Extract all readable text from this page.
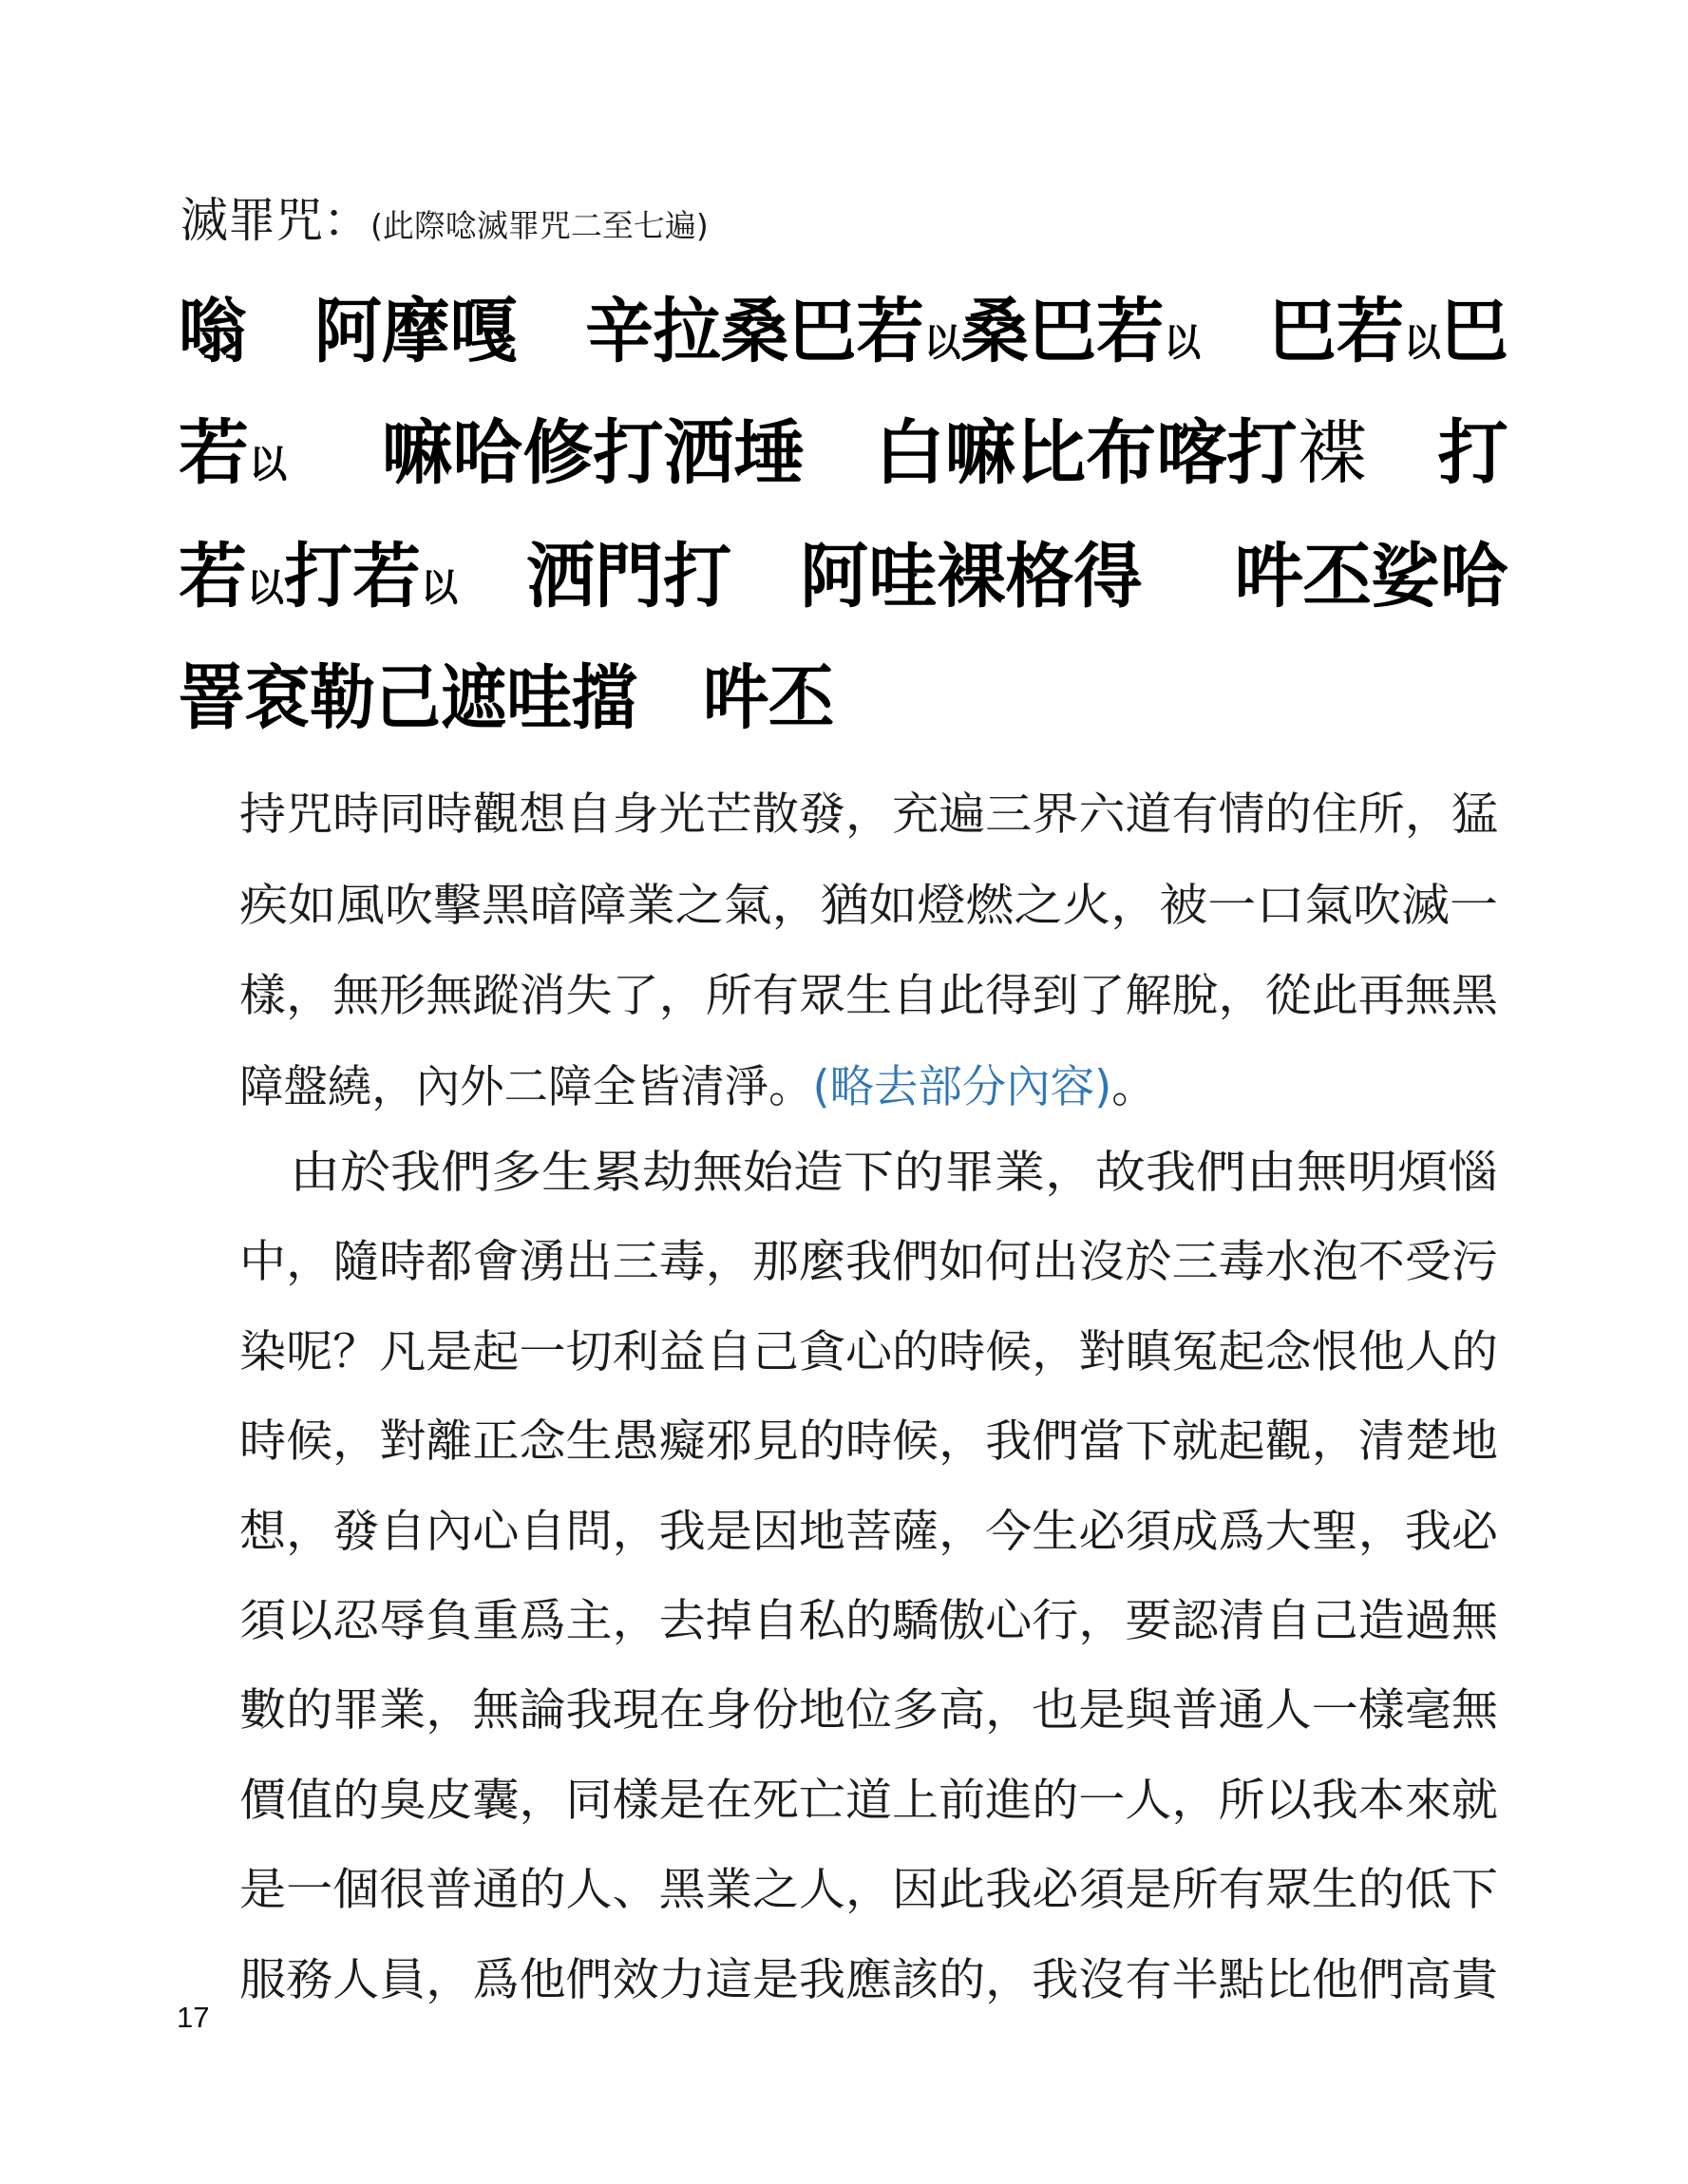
滅罪咒：(此際唸滅罪咒二至七遍)
嗡　阿摩嘎　辛拉桑巴若以桑巴若以　巴若以巴
若以　 嘛哈修打洒埵　白嘛比布喀打褋　打
若以打若以　洒門打　阿哇裸格得　 吽丕娑哈
罯袞勒己遮哇擋　吽丕
持咒時同時觀想自身光芒散發，充遍三界六道有情的住所，猛
疾如風吹擊黑暗障業之氣，猶如燈燃之火，被一口氣吹滅一
樣，無形無蹤消失了，所有眾生自此得到了解脫，從此再無黑
障盤繞，內外二障全皆清淨。(略去部分內容)。
　由於我們多生累劫無始造下的罪業，故我們由無明煩惱
中，隨時都會湧出三毒，那麼我們如何出沒於三毒水泡不受污
染呢？凡是起一切利益自己貪心的時候，對瞋冤起念恨他人的
時候，對離正念生愚癡邪見的時候，我們當下就起觀，清楚地
想，發自內心自問，我是因地菩薩，今生必須成爲大聖，我必
須以忍辱負重爲主，去掉自私的驕傲心行，要認清自己造過無
數的罪業，無論我現在身份地位多高，也是與普通人一樣毫無
價值的臭皮囊，同樣是在死亡道上前進的一人，所以我本來就
是一個很普通的人、黑業之人，因此我必須是所有眾生的低下
服務人員，爲他們效力這是我應該的，我沒有半點比他們高貴
17
